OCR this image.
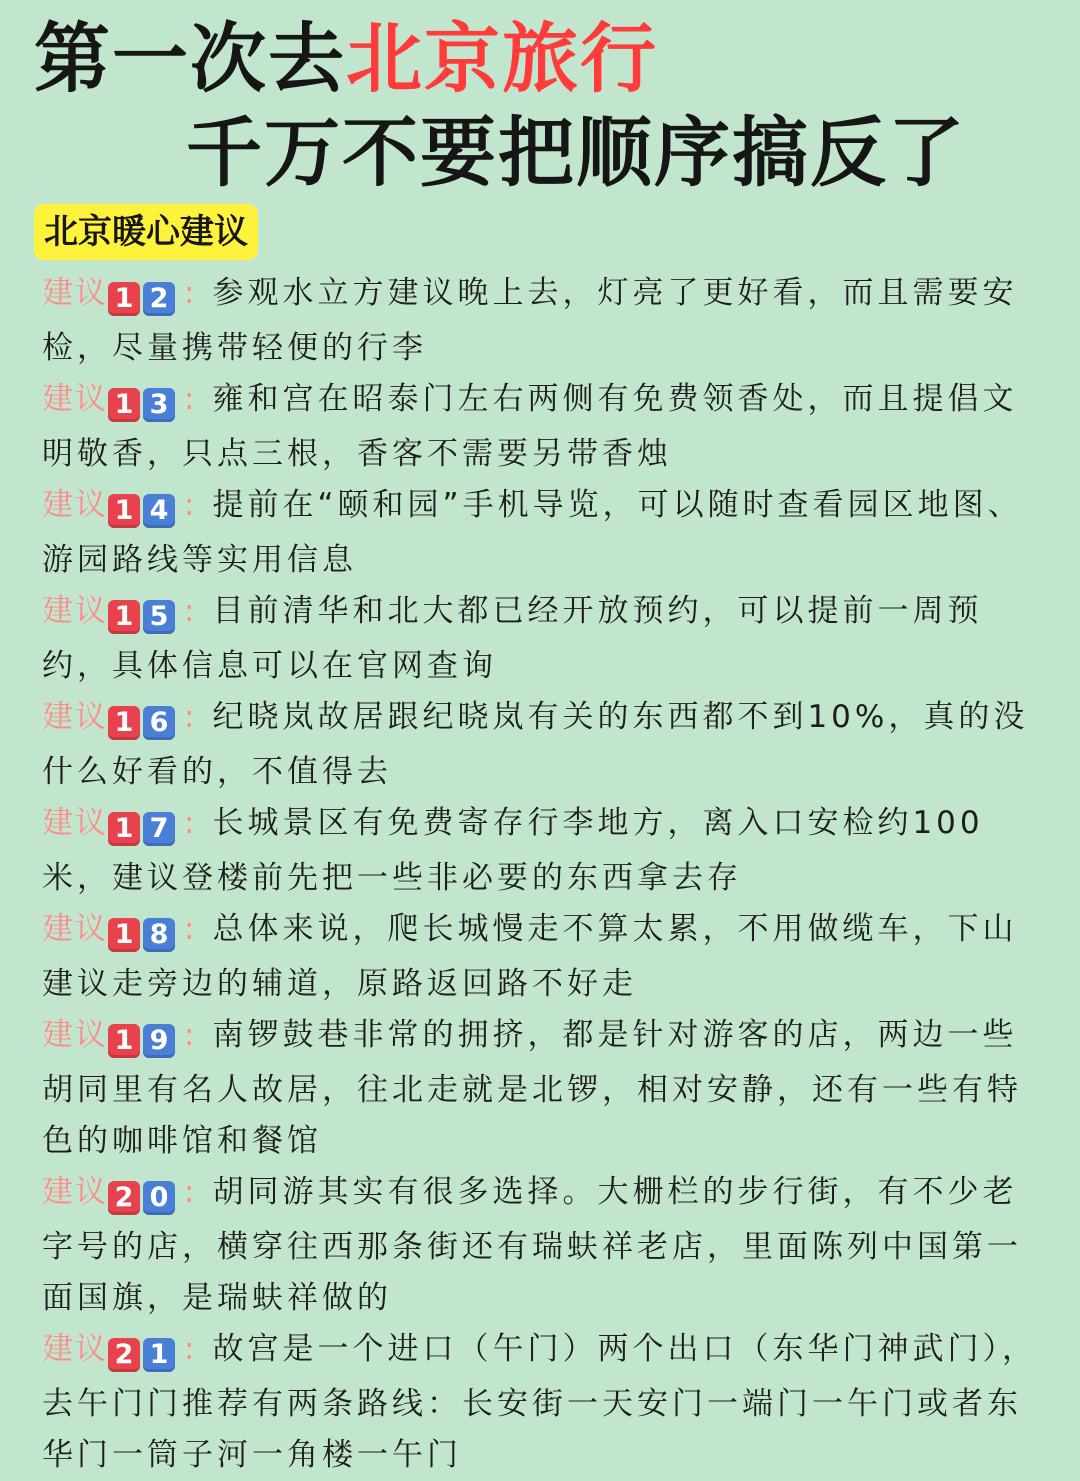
第一次去北京旅行
千万不要把顺序搞反了
北京暖心建议
建议 1 2 : 参观水立方建议晚上去，灯亮了更好看，而且需要安检，尽量携带轻便的行李
建议 1 3 : 雍和宫在昭泰门左右两侧有免费领香处，而且提倡文明敬香，只点三根，香客不需要另带香烛
建议 1 4 : 提前在“颐和园”手机导览，可以随时查看园区地图、游园路线等实用信息
建议 1 5 : 目前清华和北大都已经开放预约，可以提前一周预约，具体信息可以在官网查询
建议 1 6 : 纪晓岚故居跟纪晓岚有关的东西都不到10%，真的没什么好看的，不值得去
建议 1 7 : 长城景区有免费寄存行李地方，离入口安检约100米，建议登楼前先把一些非必要的东西拿去存
建议 1 8 : 总体来说，爬长城慢走不算太累，不用做缆车，下山建议走旁边的辅道，原路返回路不好走
建议 1 9 : 南锣鼓巷非常的拥挤，都是针对游客的店，两边一些胡同里有名人故居，往北走就是北锣，相对安静，还有一些有特色的咖啡馆和餐馆
建议 2 0 : 胡同游其实有很多选择。大栅栏的步行街，有不少老字号的店，横穿往西那条街还有瑞蚨祥老店，里面陈列中国第一面国旗，是瑞蚨祥做的
建议 2 1 : 故宫是一个进口（午门）两个出口（东华门神武门），去午门门推荐有两条路线：长安街一天安门一端门一午门或者东华门一筒子河一角楼一午门
